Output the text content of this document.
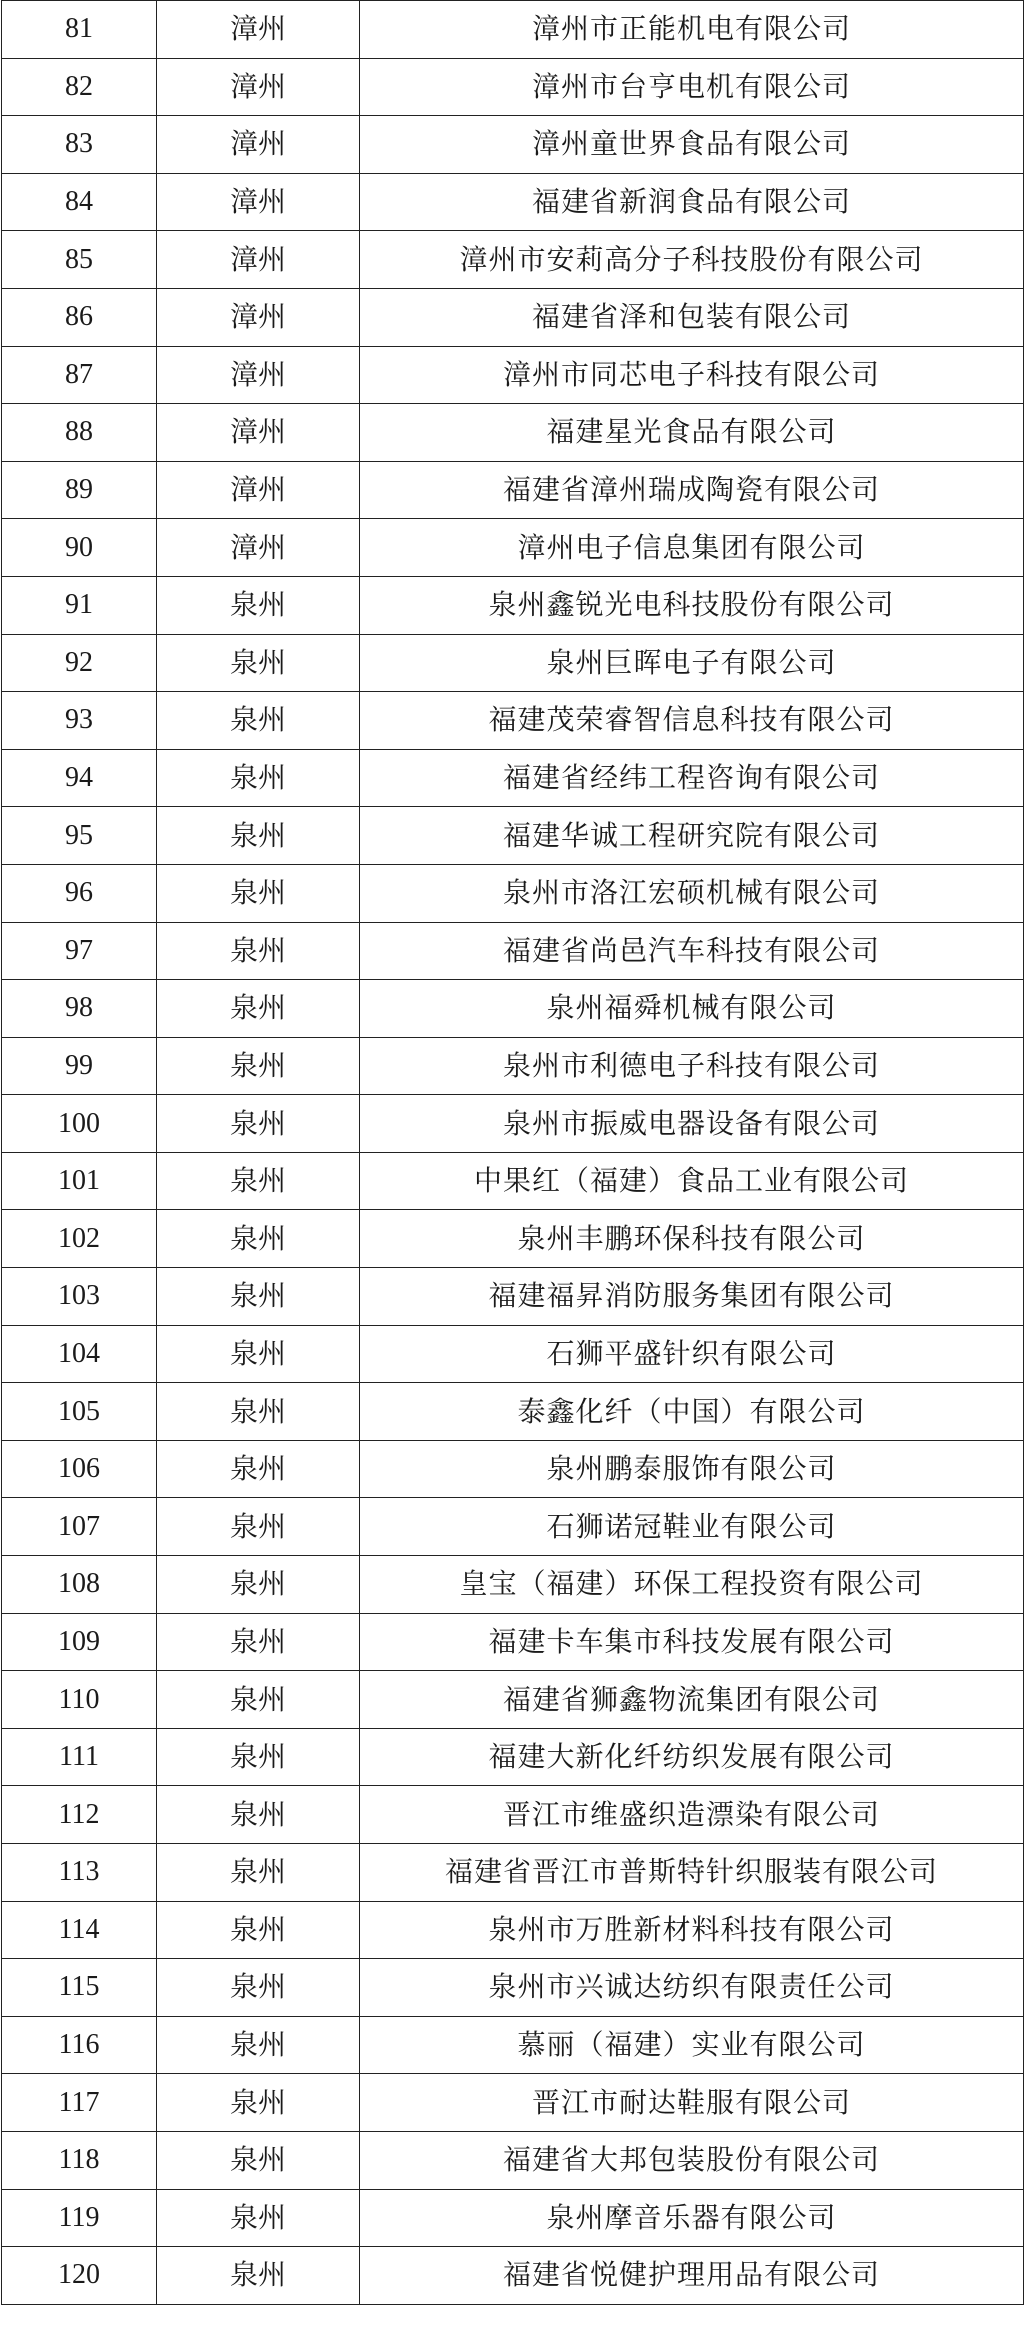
81	漳州	漳州市正能机电有限公司
82	漳州	漳州市台亨电机有限公司
83	漳州	漳州童世界食品有限公司
84	漳州	福建省新润食品有限公司
85	漳州	漳州市安莉高分子科技股份有限公司
86	漳州	福建省泽和包装有限公司
87	漳州	漳州市同芯电子科技有限公司
88	漳州	福建星光食品有限公司
89	漳州	福建省漳州瑞成陶瓷有限公司
90	漳州	漳州电子信息集团有限公司
91	泉州	泉州鑫锐光电科技股份有限公司
92	泉州	泉州巨晖电子有限公司
93	泉州	福建茂荣睿智信息科技有限公司
94	泉州	福建省经纬工程咨询有限公司
95	泉州	福建华诚工程研究院有限公司
96	泉州	泉州市洛江宏硕机械有限公司
97	泉州	福建省尚邑汽车科技有限公司
98	泉州	泉州福舜机械有限公司
99	泉州	泉州市利德电子科技有限公司
100	泉州	泉州市振威电器设备有限公司
101	泉州	中果红（福建）食品工业有限公司
102	泉州	泉州丰鹏环保科技有限公司
103	泉州	福建福昇消防服务集团有限公司
104	泉州	石狮平盛针织有限公司
105	泉州	泰鑫化纤（中国）有限公司
106	泉州	泉州鹏泰服饰有限公司
107	泉州	石狮诺冠鞋业有限公司
108	泉州	皇宝（福建）环保工程投资有限公司
109	泉州	福建卡车集市科技发展有限公司
110	泉州	福建省狮鑫物流集团有限公司
111	泉州	福建大新化纤纺织发展有限公司
112	泉州	晋江市维盛织造漂染有限公司
113	泉州	福建省晋江市普斯特针织服装有限公司
114	泉州	泉州市万胜新材料科技有限公司
115	泉州	泉州市兴诚达纺织有限责任公司
116	泉州	慕丽（福建）实业有限公司
117	泉州	晋江市耐达鞋服有限公司
118	泉州	福建省大邦包装股份有限公司
119	泉州	泉州摩音乐器有限公司
120	泉州	福建省悦健护理用品有限公司
